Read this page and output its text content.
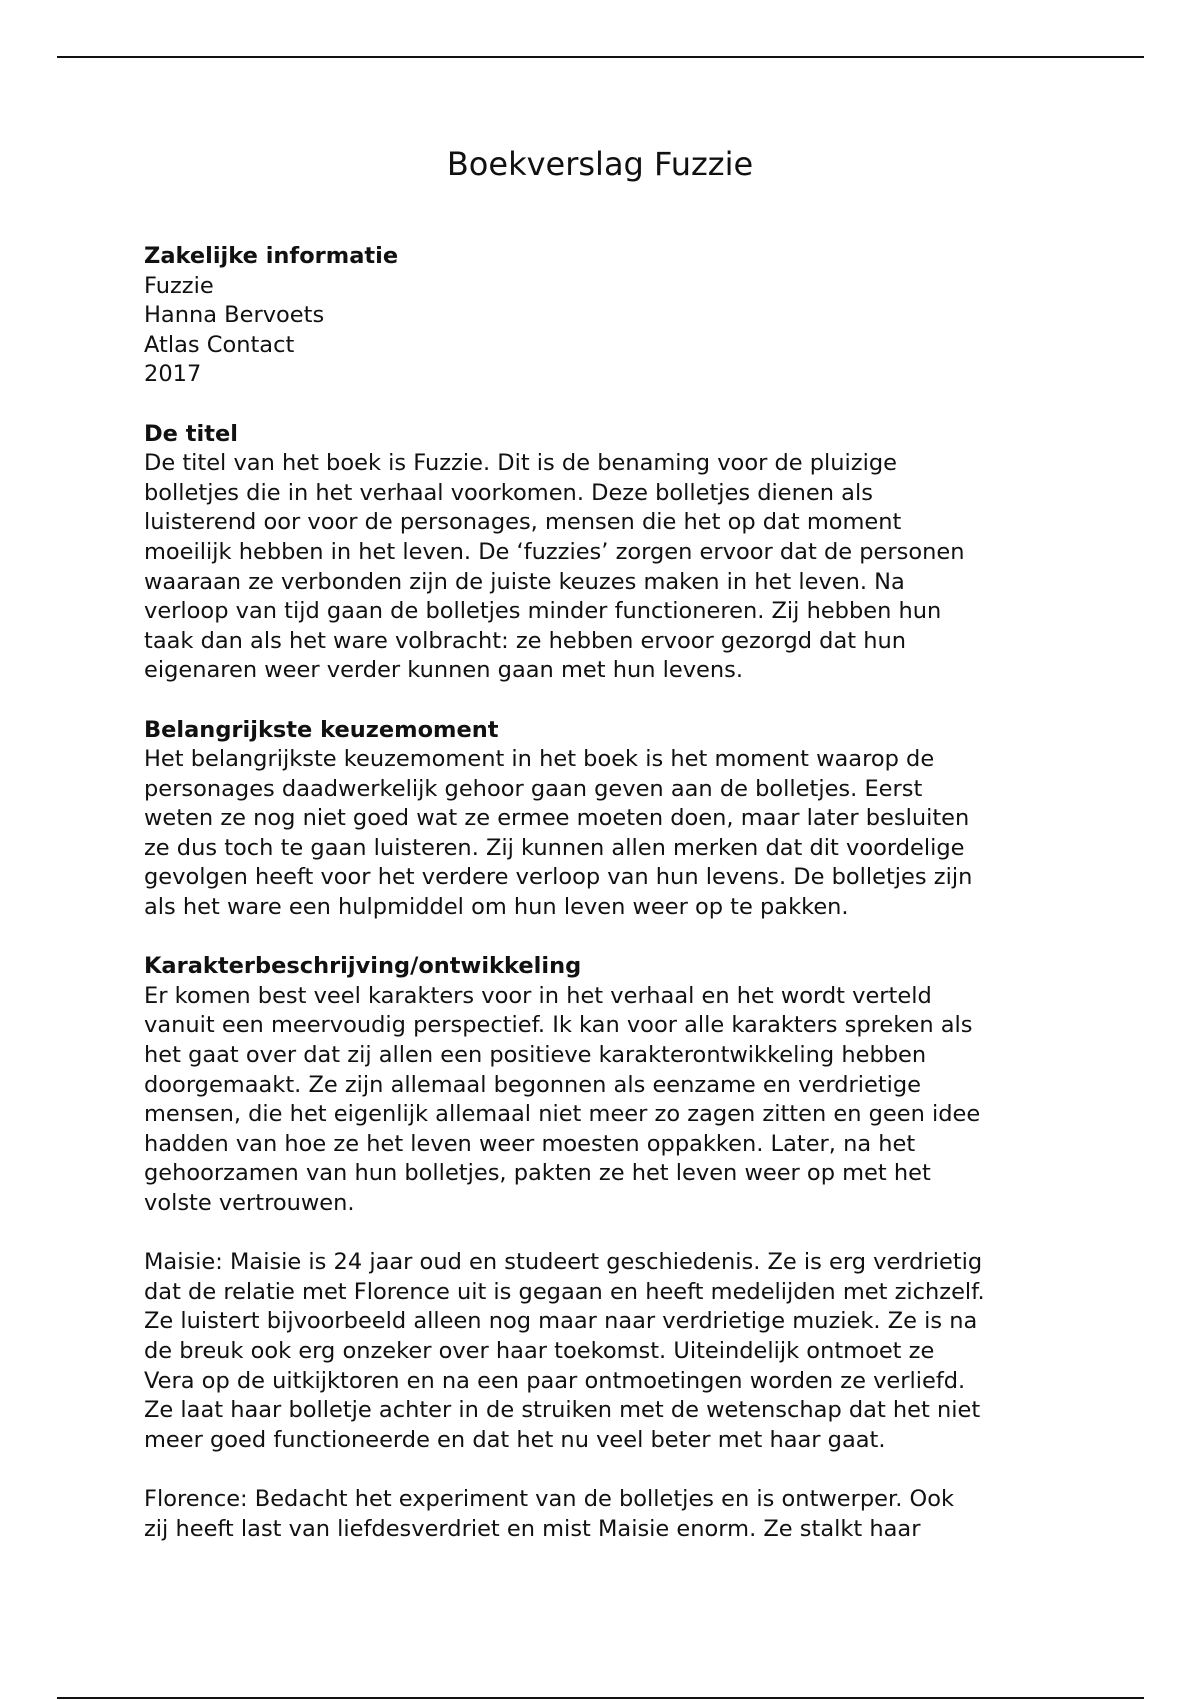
Boekverslag Fuzzie
Zakelijke informatie
Fuzzie
Hanna Bervoets
Atlas Contact
2017
De titel
De titel van het boek is Fuzzie. Dit is de benaming voor de pluizige
bolletjes die in het verhaal voorkomen. Deze bolletjes dienen als
luisterend oor voor de personages, mensen die het op dat moment
moeilijk hebben in het leven. De ‘fuzzies’ zorgen ervoor dat de personen
waaraan ze verbonden zijn de juiste keuzes maken in het leven. Na
verloop van tijd gaan de bolletjes minder functioneren. Zij hebben hun
taak dan als het ware volbracht: ze hebben ervoor gezorgd dat hun
eigenaren weer verder kunnen gaan met hun levens.
Belangrijkste keuzemoment
Het belangrijkste keuzemoment in het boek is het moment waarop de
personages daadwerkelijk gehoor gaan geven aan de bolletjes. Eerst
weten ze nog niet goed wat ze ermee moeten doen, maar later besluiten
ze dus toch te gaan luisteren. Zij kunnen allen merken dat dit voordelige
gevolgen heeft voor het verdere verloop van hun levens. De bolletjes zijn
als het ware een hulpmiddel om hun leven weer op te pakken.
Karakterbeschrijving/ontwikkeling
Er komen best veel karakters voor in het verhaal en het wordt verteld
vanuit een meervoudig perspectief. Ik kan voor alle karakters spreken als
het gaat over dat zij allen een positieve karakterontwikkeling hebben
doorgemaakt. Ze zijn allemaal begonnen als eenzame en verdrietige
mensen, die het eigenlijk allemaal niet meer zo zagen zitten en geen idee
hadden van hoe ze het leven weer moesten oppakken. Later, na het
gehoorzamen van hun bolletjes, pakten ze het leven weer op met het
volste vertrouwen.
Maisie: Maisie is 24 jaar oud en studeert geschiedenis. Ze is erg verdrietig
dat de relatie met Florence uit is gegaan en heeft medelijden met zichzelf.
Ze luistert bijvoorbeeld alleen nog maar naar verdrietige muziek. Ze is na
de breuk ook erg onzeker over haar toekomst. Uiteindelijk ontmoet ze
Vera op de uitkijktoren en na een paar ontmoetingen worden ze verliefd.
Ze laat haar bolletje achter in de struiken met de wetenschap dat het niet
meer goed functioneerde en dat het nu veel beter met haar gaat.
Florence: Bedacht het experiment van de bolletjes en is ontwerper. Ook
zij heeft last van liefdesverdriet en mist Maisie enorm. Ze stalkt haar
